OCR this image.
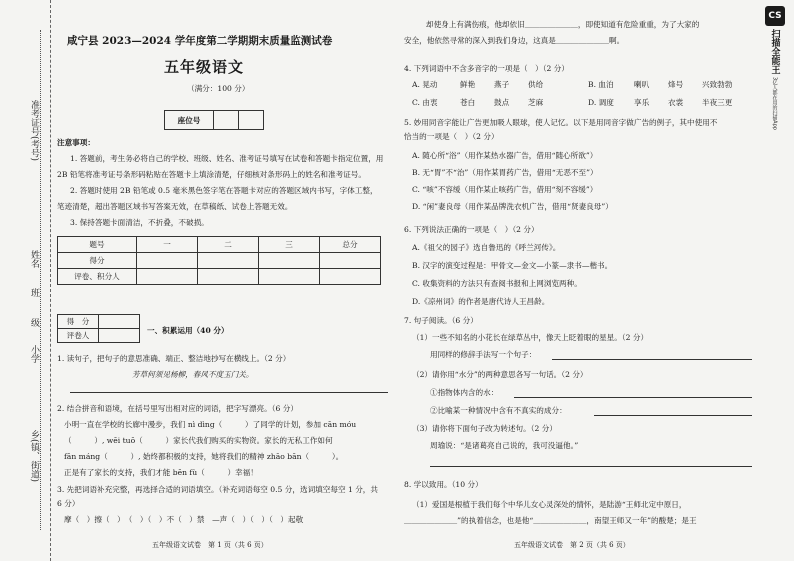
准考证号(考号)
姓名
班
级
小学
乡(镇、街道)
咸宁县 2023—2024 学年度第二学期期末质量监测试卷
五年级语文
（满分：100 分）
座位号		
注意事项：
1. 答题前，考生务必将自己的学校、班级、姓名、准考证号填写在试卷和答题卡指定位置，用
2B 铅笔将准考证号条形码粘贴在答题卡上填涂清楚，仔细核对条形码上的姓名和准考证号。
2. 答题时使用 2B 铅笔或 0.5 毫米黑色签字笔在答题卡对应的答题区域内书写，字体工整，
笔迹清楚，超出答题区域书写答案无效，在草稿纸、试卷上答题无效。
3. 保持答题卡面清洁，不折叠，不破损。
题号	一	二	三	总分
得分				
评卷、积分人				
得　分	
评卷人	
一、积累运用（40 分）
1. 读句子，把句子的意思准确、端正、整洁地抄写在横线上。（2 分）
芳草何须见杨柳，春风不度玉门关。
2. 结合拼音和语境，在括号里写出相对应的词语，把字写漂亮。（6 分）
小明一直在学校的长廊中漫步，我们 nì dìng（　　　）了同学的计划，参加 cān móu
（　　　）, wēi tuō（　　　）家长代我们购买的实物资。家长的无私工作如何
fān máng（　　　）, 始终都积极的支持，她将我们的精神 zhāo bān（　　　）。
正是有了家长的支持，我们才能 bēn fù（　　　）幸福！
3. 先把词语补充完整，再选择合适的词语填空。（补充词语每空 0.5 分，选词填空每空 1 分，共
6 分）
摩（　）擦（　）　（　）（　）不（　）禁　—声（　）（　）（　）起敬
五年级语文试卷　第 1 页（共 6 页）
却使身上有满伤痕，他却依旧＿＿＿＿＿＿＿，即使知道有危险重重，为了大家的
安全，他依然寻常的深入到我们身边，这真是＿＿＿＿＿＿＿啊。
4. 下列词语中不含多音字的一项是（　）（2 分）
A. 晃动	鲜艳 燕子 供给	B. 血泊	喇叭 烽号 兴致勃勃
C. 由衷	苍白 鼓点 芝麻	D. 调度	享乐 衣裳 半夜三更
5. 妙用同音字能让广告更加吸人眼球，使人记忆。以下是用同音字做广告的例子，其中使用不
恰当的一项是（　）（2 分）
A. 随心所“浴”（用作某热水器广告，借用“随心所欲”）
B. 无“胃”不“治”（用作某胃药广告，借用“无恶不至”）
C. “咳”不容缓（用作某止咳药广告，借用“刻不容缓”）
D. “闲”妻良母（用作某品牌洗衣机广告，借用“贤妻良母”）
6. 下列说法正确的一项是（　）（2 分）
A.《祖父的园子》选自鲁迅的《呼兰河传》。
B. 汉字的演变过程是：甲骨文—金文—小篆—隶书—楷书。
C. 收集资料的方法只有查阅书报和上网浏览两种。
D.《凉州词》的作者是唐代诗人王昌龄。
7. 句子阅读。（6 分）
（1）一些不知名的小花长在绿草丛中，像天上眨着眼的星星。（2 分）
用同样的修辞手法写一个句子：
（2）请你用“水分”的两种意思各写一句话。（2 分）
①指物体内含的水：
②比喻某一种情况中含有不真实的成分：
（3）请你将下面句子改为转述句。（2 分）
周瑜说：“是诸葛亮自己说的，我可没逼他。”
8. 学以致用。（10 分）
（1）爱国是根植于我们每个中华儿女心灵深处的情怀，是陆游“王师北定中原日，
＿＿＿＿＿＿＿”的执着信念，也是他“＿＿＿＿＿＿＿，南望王师又一年”的酸楚；是王
五年级语文试卷　第 2 页（共 6 页）
CS
扫描全能王
3亿人都在用的扫描App
